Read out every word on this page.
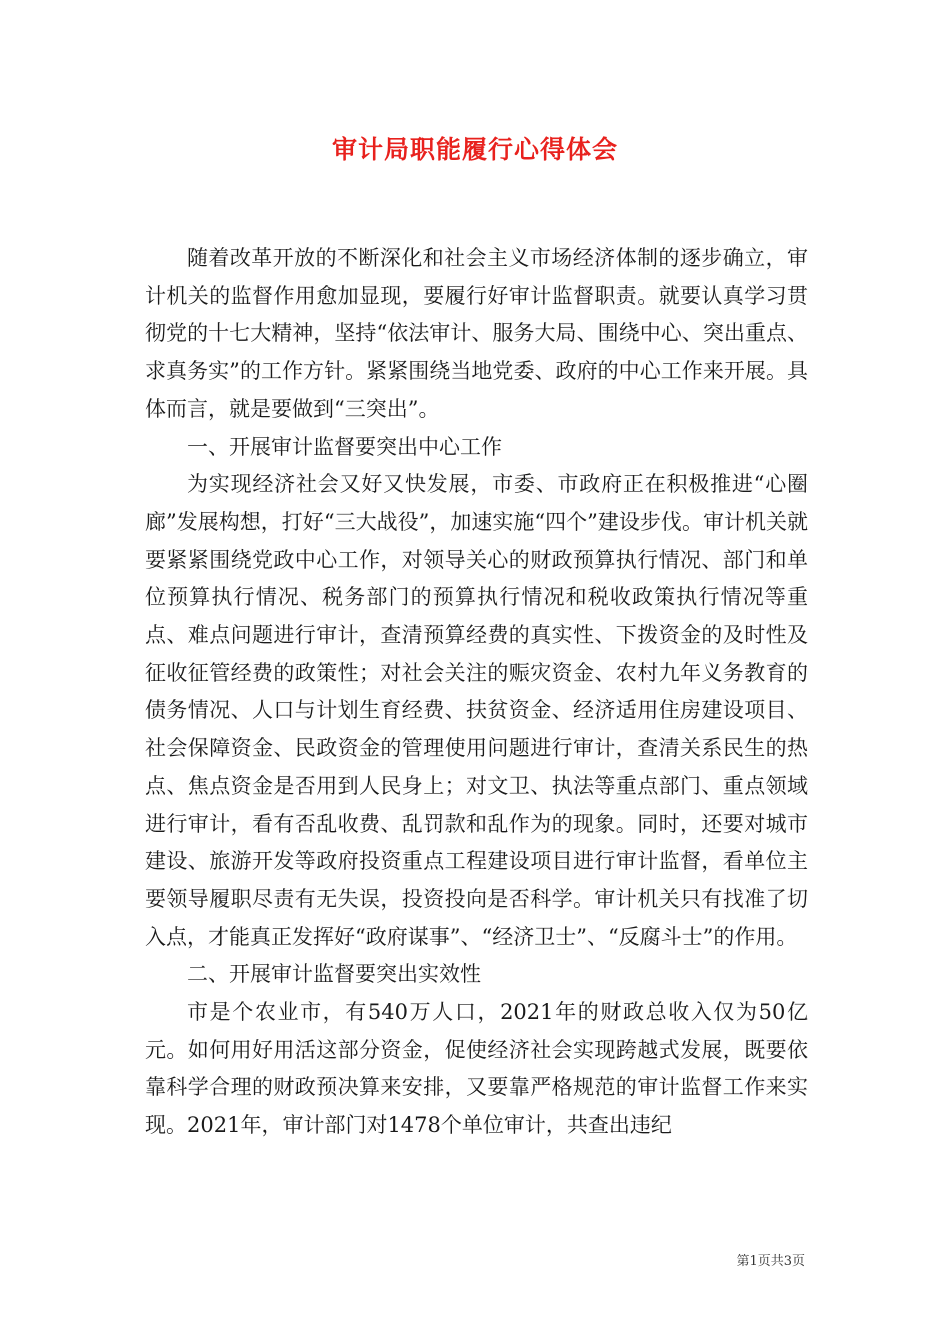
审计局职能履行心得体会

随着改革开放的不断深化和社会主义市场经济体制的逐步确立，审计机关的监督作用愈加显现，要履行好审计监督职责。就要认真学习贯彻党的十七大精神，坚持“依法审计、服务大局、围绕中心、突出重点、求真务实”的工作方针。紧紧围绕当地党委、政府的中心工作来开展。具体而言，就是要做到“三突出”。

一、开展审计监督要突出中心工作

为实现经济社会又好又快发展，市委、市政府正在积极推进“心圈廊”发展构想，打好“三大战役”，加速实施“四个”建设步伐。审计机关就要紧紧围绕党政中心工作，对领导关心的财政预算执行情况、部门和单位预算执行情况、税务部门的预算执行情况和税收政策执行情况等重点、难点问题进行审计，查清预算经费的真实性、下拨资金的及时性及征收征管经费的政策性；对社会关注的赈灾资金、农村九年义务教育的债务情况、人口与计划生育经费、扶贫资金、经济适用住房建设项目、社会保障资金、民政资金的管理使用问题进行审计，查清关系民生的热点、焦点资金是否用到人民身上；对文卫、执法等重点部门、重点领域进行审计，看有否乱收费、乱罚款和乱作为的现象。同时，还要对城市建设、旅游开发等政府投资重点工程建设项目进行审计监督，看单位主要领导履职尽责有无失误，投资投向是否科学。审计机关只有找准了切入点，才能真正发挥好“政府谋事”、“经济卫士”、“反腐斗士”的作用。

二、开展审计监督要突出实效性

市是个农业市，有540万人口，2021年的财政总收入仅为50亿元。如何用好用活这部分资金，促使经济社会实现跨越式发展，既要依靠科学合理的财政预决算来安排，又要靠严格规范的审计监督工作来实现。2021年，审计部门对1478个单位审计，共查出违纪

第1页共3页
